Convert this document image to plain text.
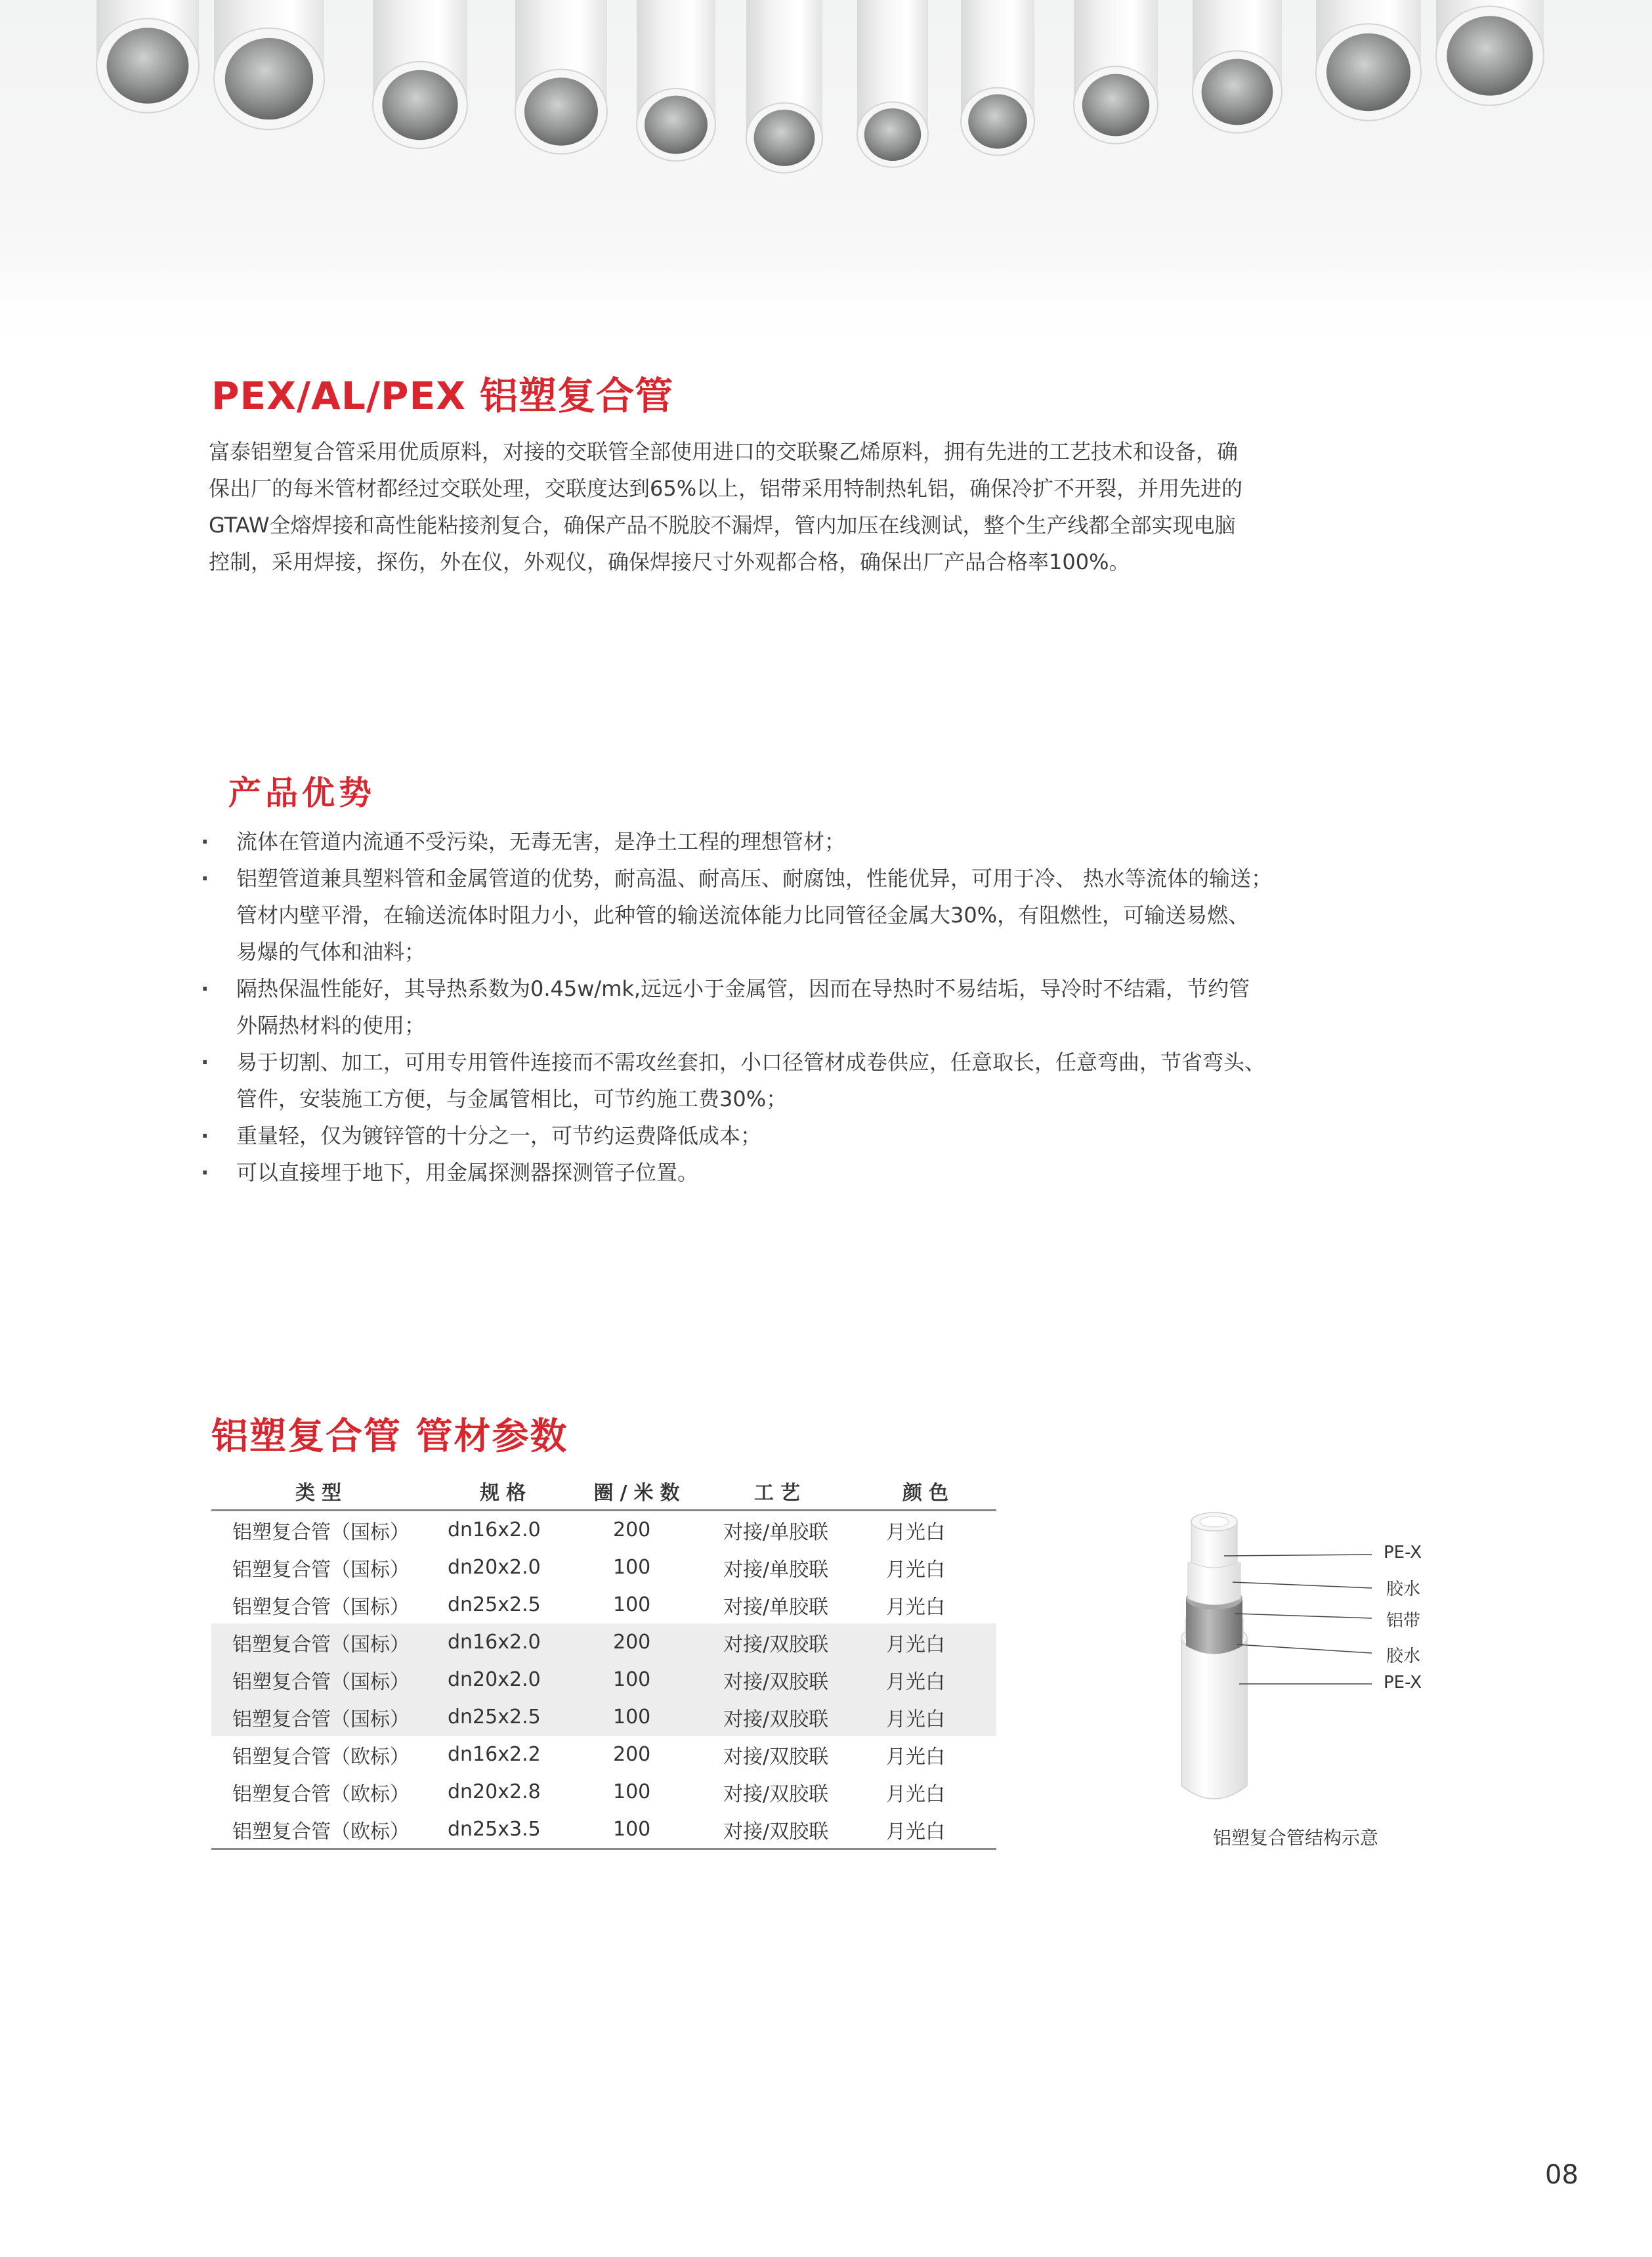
PEX/AL/PEX 铝塑复合管

富泰铝塑复合管采用优质原料，对接的交联管全部使用进口的交联聚乙烯原料，拥有先进的工艺技术和设备，确

保出厂的每米管材都经过交联处理，交联度达到65%以上，铝带采用特制热轧铝，确保冷扩不开裂，并用先进的

GTAW全熔焊接和高性能粘接剂复合，确保产品不脱胶不漏焊，管内加压在线测试，整个生产线都全部实现电脑

控制，采用焊接，探伤，外在仪，外观仪，确保焊接尺寸外观都合格，确保出厂产品合格率100%。

产品优势
· 流体在管道内流通不受污染，无毒无害，是净土工程的理想管材；
· 铝塑管道兼具塑料管和金属管道的优势，耐高温、耐高压、耐腐蚀，性能优异，可用于冷、 热水等流体的输送；
管材内壁平滑，在输送流体时阻力小，此种管的输送流体能力比同管径金属大30%，有阻燃性，可输送易燃、
易爆的气体和油料；
· 隔热保温性能好，其导热系数为0.45w/mk,远远小于金属管，因而在导热时不易结垢，导冷时不结霜，节约管
外隔热材料的使用；
· 易于切割、加工，可用专用管件连接而不需攻丝套扣，小口径管材成卷供应，任意取长，任意弯曲，节省弯头、
管件，安装施工方便，与金属管相比，可节约施工费30%；
· 重量轻，仅为镀锌管的十分之一，可节约运费降低成本；
· 可以直接埋于地下，用金属探测器探测管子位置。
铝塑复合管 管材参数
类型	规格	圈/米数	工艺	颜色
铝塑复合管（国标）	dn16x2.0	200	对接/单胶联	月光白
铝塑复合管（国标）	dn20x2.0	100	对接/单胶联	月光白
铝塑复合管（国标）	dn25x2.5	100	对接/单胶联	月光白
铝塑复合管（国标）	dn16x2.0	200	对接/双胶联	月光白
铝塑复合管（国标）	dn20x2.0	100	对接/双胶联	月光白
铝塑复合管（国标）	dn25x2.5	100	对接/双胶联	月光白
铝塑复合管（欧标）	dn16x2.2	200	对接/双胶联	月光白
铝塑复合管（欧标）	dn20x2.8	100	对接/双胶联	月光白
铝塑复合管（欧标）	dn25x3.5	100	对接/双胶联	月光白
PE-X
胶水
铝带
胶水
PE-X

铝塑复合管结构示意

08
